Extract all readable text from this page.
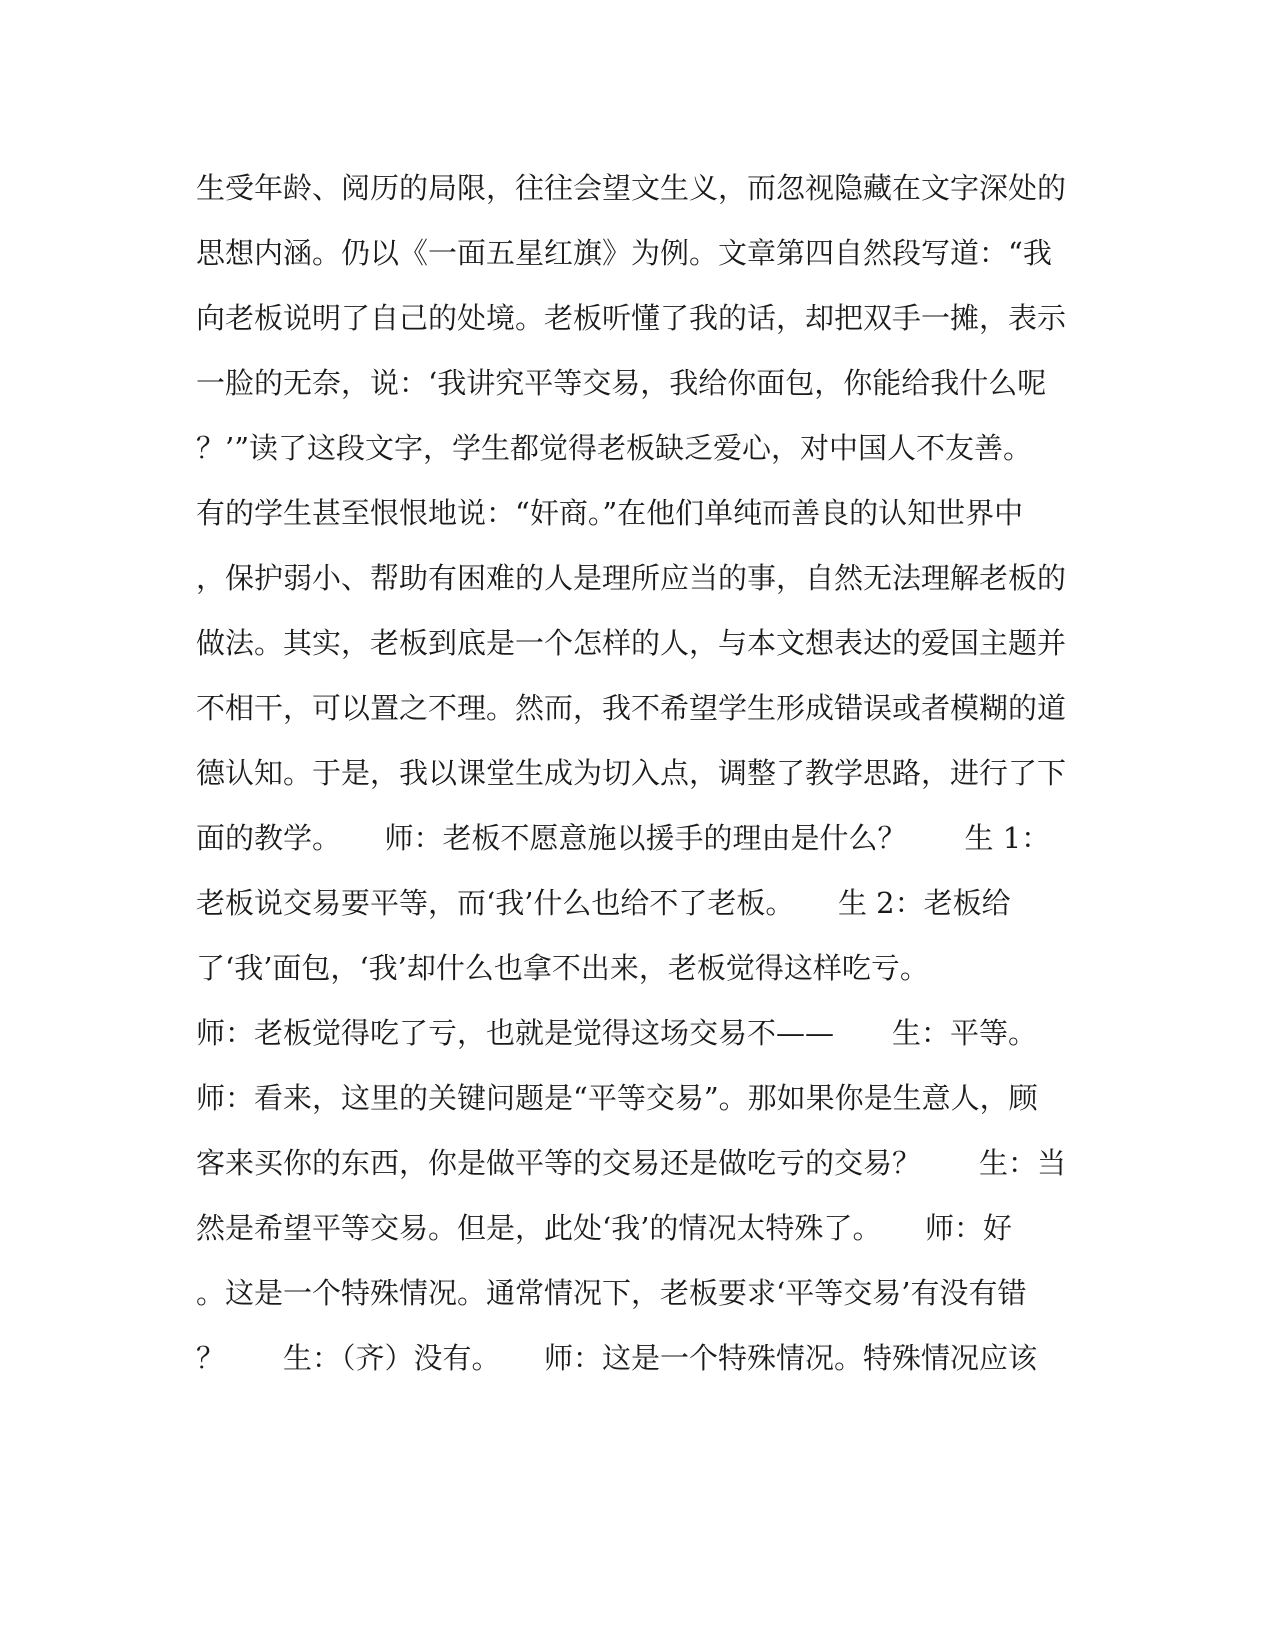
生受年龄、阅历的局限，往往会望文生义，而忽视隐藏在文字深处的
思想内涵。仍以《一面五星红旗》为例。文章第四自然段写道：“我
向老板说明了自己的处境。老板听懂了我的话，却把双手一摊，表示
一脸的无奈，说：‘我讲究平等交易，我给你面包，你能给我什么呢
？’”读了这段文字，学生都觉得老板缺乏爱心，对中国人不友善。
有的学生甚至恨恨地说：“奸商。”在他们单纯而善良的认知世界中
，保护弱小、帮助有困难的人是理所应当的事，自然无法理解老板的
做法。其实，老板到底是一个怎样的人，与本文想表达的爱国主题并
不相干，可以置之不理。然而，我不希望学生形成错误或者模糊的道
德认知。于是，我以课堂生成为切入点，调整了教学思路，进行了下
面的教学。　　师：老板不愿意施以援手的理由是什么？　　生 1：
老板说交易要平等，而‘我’什么也给不了老板。　　生 2：老板给
了‘我’面包，‘我’却什么也拿不出来，老板觉得这样吃亏。
师：老板觉得吃了亏，也就是觉得这场交易不——　　生：平等。
师：看来，这里的关键问题是“平等交易”。那如果你是生意人，顾
客来买你的东西，你是做平等的交易还是做吃亏的交易？　　生：当
然是希望平等交易。但是，此处‘我’的情况太特殊了。　　师：好
。这是一个特殊情况。通常情况下，老板要求‘平等交易’有没有错
？　　生：（齐）没有。　　师：这是一个特殊情况。特殊情况应该
